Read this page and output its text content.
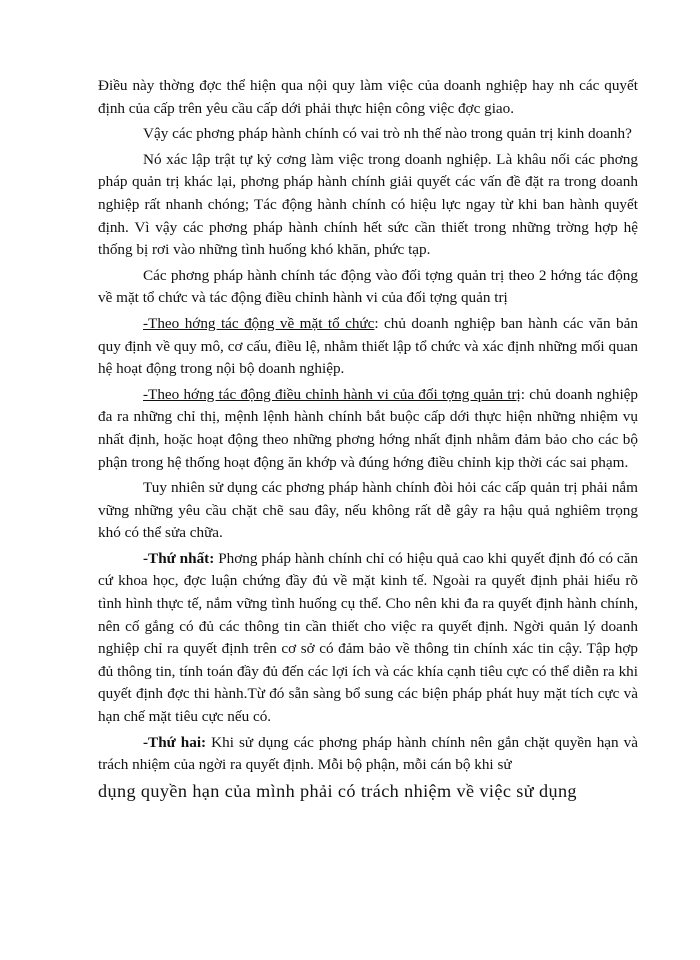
Điều này thờng đợc thể hiện qua nội quy làm việc của doanh nghiệp hay nh các quyết định của cấp trên yêu cầu cấp dới phải thực hiện công việc đợc giao.

Vậy các phơng pháp hành chính có vai trò nh thế nào trong quản trị kinh doanh?

Nó xác lập trật tự kỷ cơng làm việc trong doanh nghiệp. Là khâu nối các phơng pháp quản trị khác lại, phơng pháp hành chính giải quyết các vấn đề đặt ra trong doanh nghiệp rất nhanh chóng; Tác động hành chính có hiệu lực ngay từ khi ban hành quyết định. Vì vậy các phơng pháp hành chính hết sức cần thiết trong những trờng hợp hệ thống bị rơi vào những tình huống khó khăn, phức tạp.

Các phơng pháp hành chính tác động vào đối tợng quản trị theo 2 hớng tác động về mặt tổ chức và tác động điều chỉnh hành vi của đối tợng quản trị

-Theo hớng tác động về mặt tổ chức: chủ doanh nghiệp ban hành các văn bản quy định về quy mô, cơ cấu, điều lệ, nhằm thiết lập tổ chức và xác định những mối quan hệ hoạt động trong nội bộ doanh nghiệp.

-Theo hớng tác động điều chỉnh hành vi của đối tợng quản trị: chủ doanh nghiệp đa ra những chỉ thị, mệnh lệnh hành chính bắt buộc cấp dới thực hiện những nhiệm vụ nhất định, hoặc hoạt động theo những phơng hớng nhất định nhằm đảm bảo cho các bộ phận trong hệ thống hoạt động ăn khớp và đúng hớng điều chỉnh kịp thời các sai phạm.

Tuy nhiên sử dụng các phơng pháp hành chính đòi hỏi các cấp quản trị phải nắm vững những yêu cầu chặt chẽ sau đây, nếu không rất dễ gây ra hậu quả nghiêm trọng khó có thể sửa chữa.

-Thứ nhất: Phơng pháp hành chính chỉ có hiệu quả cao khi quyết định đó có căn cứ khoa học, đợc luận chứng đầy đủ về mặt kinh tế. Ngoài ra quyết định phải hiểu rõ tình hình thực tế, nắm vững tình huống cụ thể. Cho nên khi đa ra quyết định hành chính, nên cố gắng có đủ các thông tin cần thiết cho việc ra quyết định. Ngời quản lý doanh nghiệp chỉ ra quyết định trên cơ sở có đảm bảo về thông tin chính xác tin cậy. Tập hợp đủ thông tin, tính toán đầy đủ đến các lợi ích và các khía cạnh tiêu cực có thể diễn ra khi quyết định đợc thi hành.Từ đó sẵn sàng bổ sung các biện pháp phát huy mặt tích cực và hạn chế mặt tiêu cực nếu có.

-Thứ hai: Khi sử dụng các phơng pháp hành chính nên gắn chặt quyền hạn và trách nhiệm của ngời ra quyết định. Mỗi bộ phận, mỗi cán bộ khi sử

dụng quyền hạn của mình phải có trách nhiệm về việc sử dụng
